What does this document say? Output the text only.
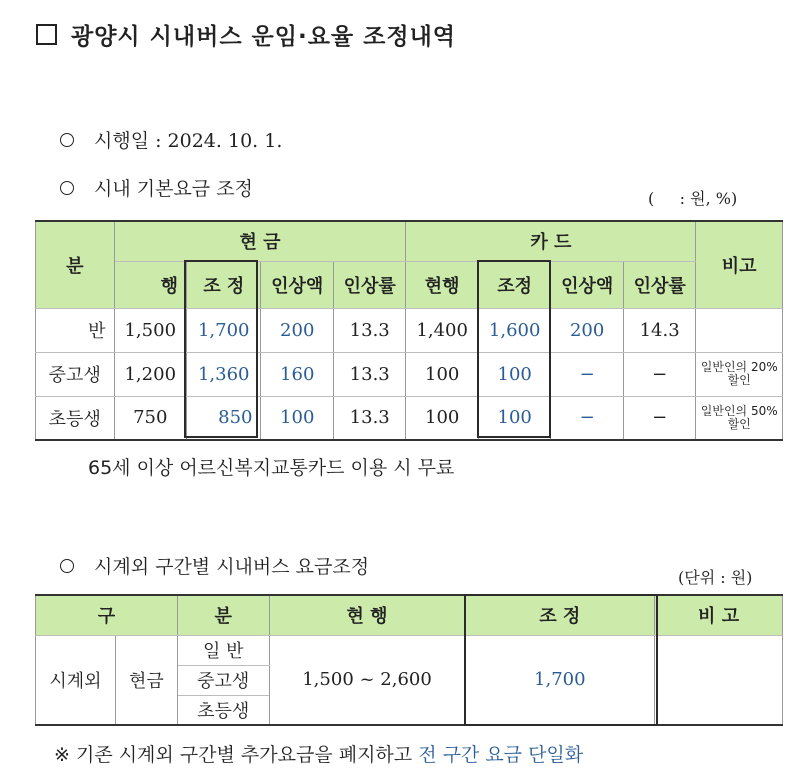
광양시 시내버스 운임·요율 조정내역
시행일 : 2024. 10. 1.
시내 기본요금 조정	(     : 원, %)
분	현 금				카 드				비고
	행	조 정	인상액	인상률	현행	조정	인상액	인상률	
반	1,500	1,700	200	13.3	1,400	1,600	200	14.3	
중고생	1,200	1,360	160	13.3	100	100	−	−	일반인의 20%할인
초등생	750	850	100	13.3	100	100	−	−	일반인의 50%할인
65세 이상 어르신복지교통카드 이용 시 무료
시계외 구간별 시내버스 요금조정	(단위 : 원)
구		분	현 행	조 정	비 고
시계외	현금	일 반	1,500 ~ 2,600	1,700	
		중고생			
		초등생			
※ 기존 시계외 구간별 추가요금을 폐지하고 전 구간 요금 단일화
